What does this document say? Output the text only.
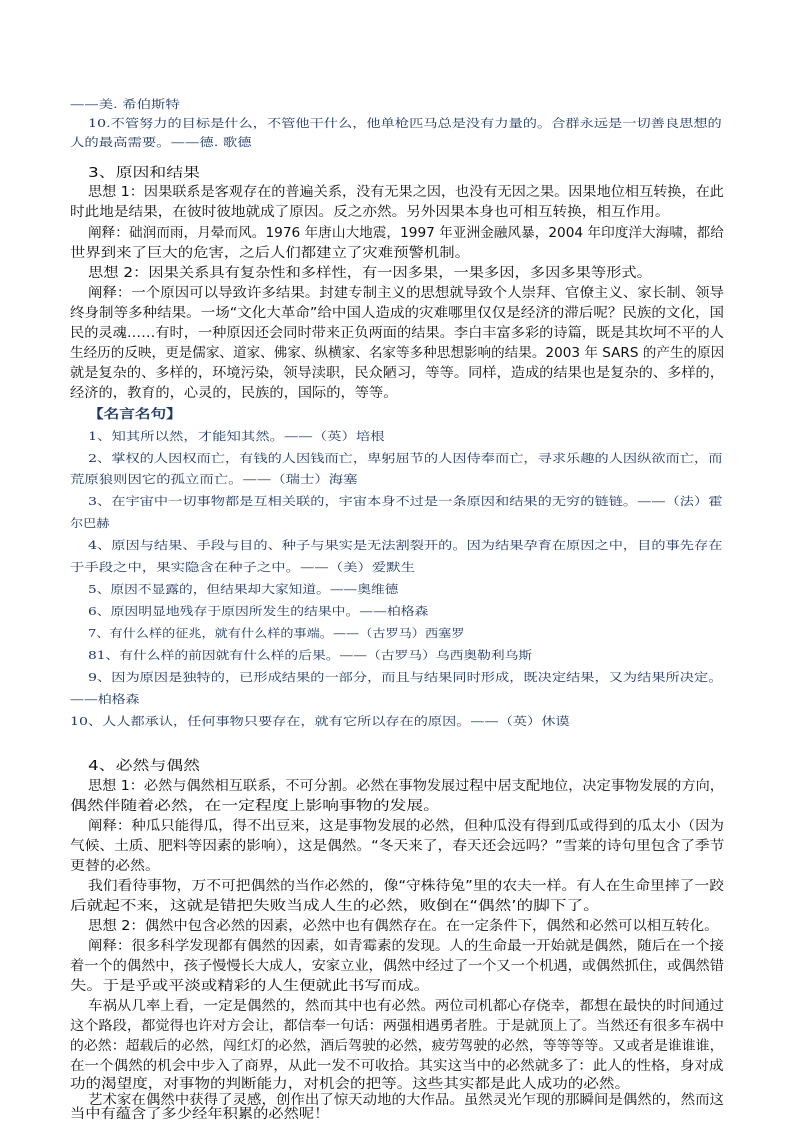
——美. 希伯斯特
10.不管努力的目标是什么，不管他干什么，他单枪匹马总是没有力量的。合群永远是一切善良思想的
人的最高需要。——德. 歌德
3、原因和结果
思想 1：因果联系是客观存在的普遍关系，没有无果之因，也没有无因之果。因果地位相互转换，在此
时此地是结果，在彼时彼地就成了原因。反之亦然。另外因果本身也可相互转换，相互作用。
阐释：础润而雨，月晕而风。1976 年唐山大地震，1997 年亚洲金融风暴，2004 年印度洋大海啸，都给
世界到来了巨大的危害，之后人们都建立了灾难预警机制。
思想 2：因果关系具有复杂性和多样性，有一因多果，一果多因，多因多果等形式。
阐释：一个原因可以导致许多结果。封建专制主义的思想就导致个人崇拜、官僚主义、家长制、领导
终身制等多种结果。一场“文化大革命”给中国人造成的灾难哪里仅仅是经济的滞后呢？民族的文化，国
民的灵魂……有时，一种原因还会同时带来正负两面的结果。李白丰富多彩的诗篇，既是其坎坷不平的人
生经历的反映，更是儒家、道家、佛家、纵横家、名家等多种思想影响的结果。2003 年 SARS 的产生的原因
就是复杂的、多样的，环境污染，领导渎职，民众陋习，等等。同样，造成的结果也是复杂的、多样的，
经济的，教育的，心灵的，民族的，国际的，等等。
【名言名句】
1、知其所以然，才能知其然。——（英）培根
2、掌权的人因权而亡，有钱的人因钱而亡，卑躬屈节的人因侍奉而亡，寻求乐趣的人因纵欲而亡，而
荒原狼则因它的孤立而亡。——（瑞士）海塞
3、在宇宙中一切事物都是互相关联的，宇宙本身不过是一条原因和结果的无穷的链链。——（法）霍
尔巴赫
4、原因与结果、手段与目的、种子与果实是无法割裂开的。因为结果孕育在原因之中，目的事先存在
于手段之中，果实隐含在种子之中。——（美）爱默生
5、原因不显露的，但结果却大家知道。——奥维德
6、原因明显地残存于原因所发生的结果中。——柏格森
7、有什么样的征兆，就有什么样的事端。——（古罗马）西塞罗
81、有什么样的前因就有什么样的后果。——（古罗马）乌西奥勒利乌斯
9、因为原因是独特的，已形成结果的一部分，而且与结果同时形成，既决定结果，又为结果所决定。
——柏格森
10、人人都承认，任何事物只要存在，就有它所以存在的原因。——（英）休谟
4、必然与偶然
思想 1：必然与偶然相互联系，不可分割。必然在事物发展过程中居支配地位，决定事物发展的方向，
偶然伴随着必然，在一定程度上影响事物的发展。
阐释：种瓜只能得瓜，得不出豆来，这是事物发展的必然，但种瓜没有得到瓜或得到的瓜太小（因为
气候、土质、肥料等因素的影响），这是偶然。“冬天来了，春天还会远吗？”雪莱的诗句里包含了季节
更替的必然。
我们看待事物，万不可把偶然的当作必然的，像“守株待兔”里的农夫一样。有人在生命里摔了一跤
后就起不来，这就是错把失败当成人生的必然，败倒在“偶然’的脚下了。
思想 2：偶然中包含必然的因素，必然中也有偶然存在。在一定条件下，偶然和必然可以相互转化。
阐释：很多科学发现都有偶然的因素，如青霉素的发现。人的生命最一开始就是偶然，随后在一个接
着一个的偶然中，孩子慢慢长大成人，安家立业，偶然中经过了一个又一个机遇，或偶然抓住，或偶然错
失。于是乎或平淡或精彩的人生便就此书写而成。
车祸从几率上看，一定是偶然的，然而其中也有必然。两位司机都心存侥幸，都想在最快的时间通过
这个路段，都觉得也许对方会让，都信奉一句话：两强相遇勇者胜。于是就顶上了。当然还有很多车祸中
的必然：超载后的必然，闯红灯的必然，酒后驾驶的必然，疲劳驾驶的必然，等等等等。又或者是谁谁谁，
在一个偶然的机会中步入了商界，从此一发不可收拾。其实这当中的必然就多了：此人的性格，身对成
功的渴望度，对事物的判断能力，对机会的把等。这些其实都是此人成功的必然。
艺术家在偶然中获得了灵感，创作出了惊天动地的大作品。虽然灵光乍现的那瞬间是偶然的，然而这
当中有蕴含了多少经年积累的必然呢！
